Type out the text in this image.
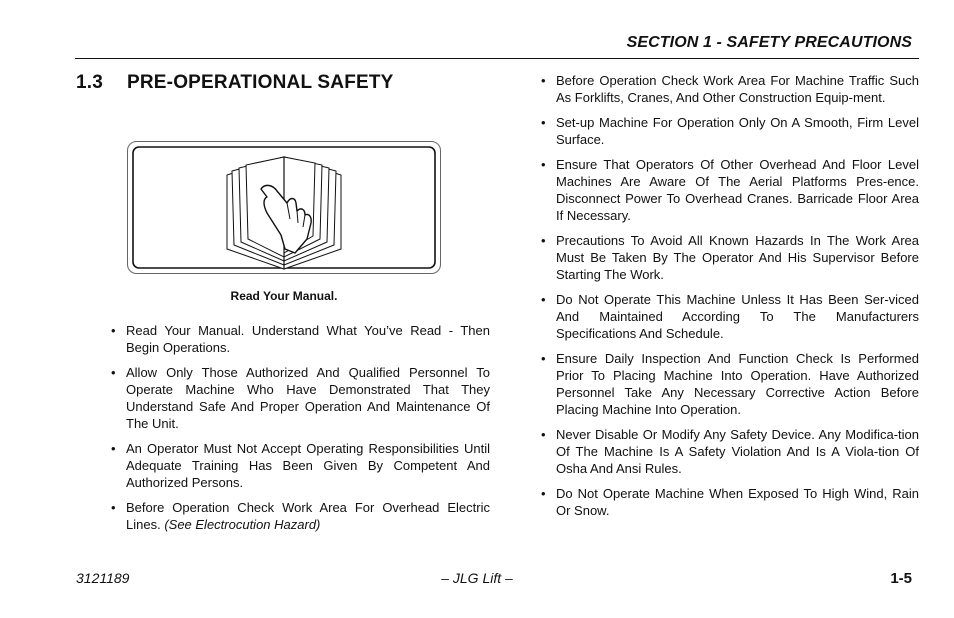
SECTION 1 - SAFETY PRECAUTIONS
1.3 PRE-OPERATIONAL SAFETY
Read Your Manual.
• Read Your Manual. Understand What You’ve Read - Then Begin Operations.
• Allow Only Those Authorized And Qualified Personnel To Operate Machine Who Have Demonstrated That They Understand Safe And Proper Operation And Maintenance Of The Unit.
• An Operator Must Not Accept Operating Responsibilities Until Adequate Training Has Been Given By Competent And Authorized Persons.
• Before Operation Check Work Area For Overhead Electric Lines. (See Electrocution Hazard)
• Before Operation Check Work Area For Machine Traffic Such As Forklifts, Cranes, And Other Construction Equip-ment.
• Set-up Machine For Operation Only On A Smooth, Firm Level Surface.
• Ensure That Operators Of Other Overhead And Floor Level Machines Are Aware Of The Aerial Platforms Pres-ence. Disconnect Power To Overhead Cranes. Barricade Floor Area If Necessary.
• Precautions To Avoid All Known Hazards In The Work Area Must Be Taken By The Operator And His Supervisor Before Starting The Work.
• Do Not Operate This Machine Unless It Has Been Ser-viced And Maintained According To The Manufacturers Specifications And Schedule.
• Ensure Daily Inspection And Function Check Is Performed Prior To Placing Machine Into Operation. Have Authorized Personnel Take Any Necessary Corrective Action Before Placing Machine Into Operation.
• Never Disable Or Modify Any Safety Device. Any Modifica-tion Of The Machine Is A Safety Violation And Is A Viola-tion Of Osha And Ansi Rules.
• Do Not Operate Machine When Exposed To High Wind, Rain Or Snow.
3121189	– JLG Lift –	1-5
